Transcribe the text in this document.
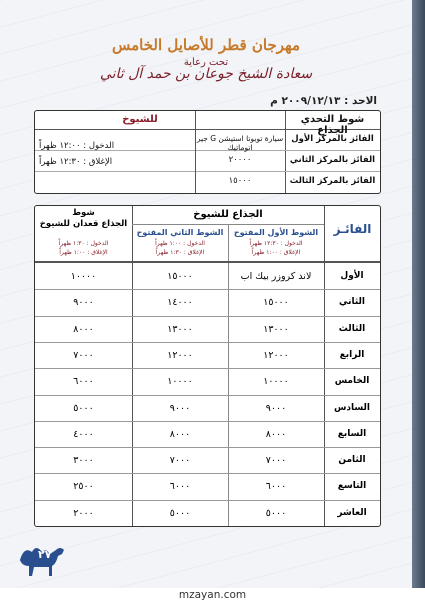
مهرجان قطر للأصايل الخامس
تحت رعاية
سعادة الشيخ جوعان بن حمد آل ثاني
الاحد : ٢٠٠٩/١٢/١٣ م
شوط التحدي الجذاع
للشيوخ
الدخول : ١٢:٠٠ ظهراً
الإغلاق : ١٢:٣٠ ظهراً
الفائز بالمركز الأول
الفائز بالمركز الثاني
الفائز بالمركز الثالث
سيارة تويوتا استيشن G جير اتوماتيك
٢٠٠٠٠
١٥٠٠٠
الفائـز
الجذاع للشيوخ
الشوط الأول المفتوح
الدخول : ١٢:٣٠ ظهراً
الإغلاق : ١:٠٠ ظهراً
الشوط الثاني المفتوح
الدخول : ١:٠٠ ظهراً
الإغلاق : ١:٣٠ ظهراً
شوط
الجذاع قعدان للشيوخ
الدخول : ١:٣٠ ظهراً
الإغلاق : ١:٠٠ ظهراً
الأول
لاند كروزر بيك اب
١٥٠٠٠
١٠٠٠٠
الثاني
١٥٠٠٠
١٤٠٠٠
٩٠٠٠
الثالث
١٣٠٠٠
١٣٠٠٠
٨٠٠٠
الرابع
١٢٠٠٠
١٢٠٠٠
٧٠٠٠
الخامس
١٠٠٠٠
١٠٠٠٠
٦٠٠٠
السادس
٩٠٠٠
٩٠٠٠
٥٠٠٠
السابع
٨٠٠٠
٨٠٠٠
٤٠٠٠
الثامن
٧٠٠٠
٧٠٠٠
٣٠٠٠
التاسع
٦٠٠٠
٦٠٠٠
٢٥٠٠
العاشر
٥٠٠٠
٥٠٠٠
٢٠٠٠
٢٧
mzayan.com
